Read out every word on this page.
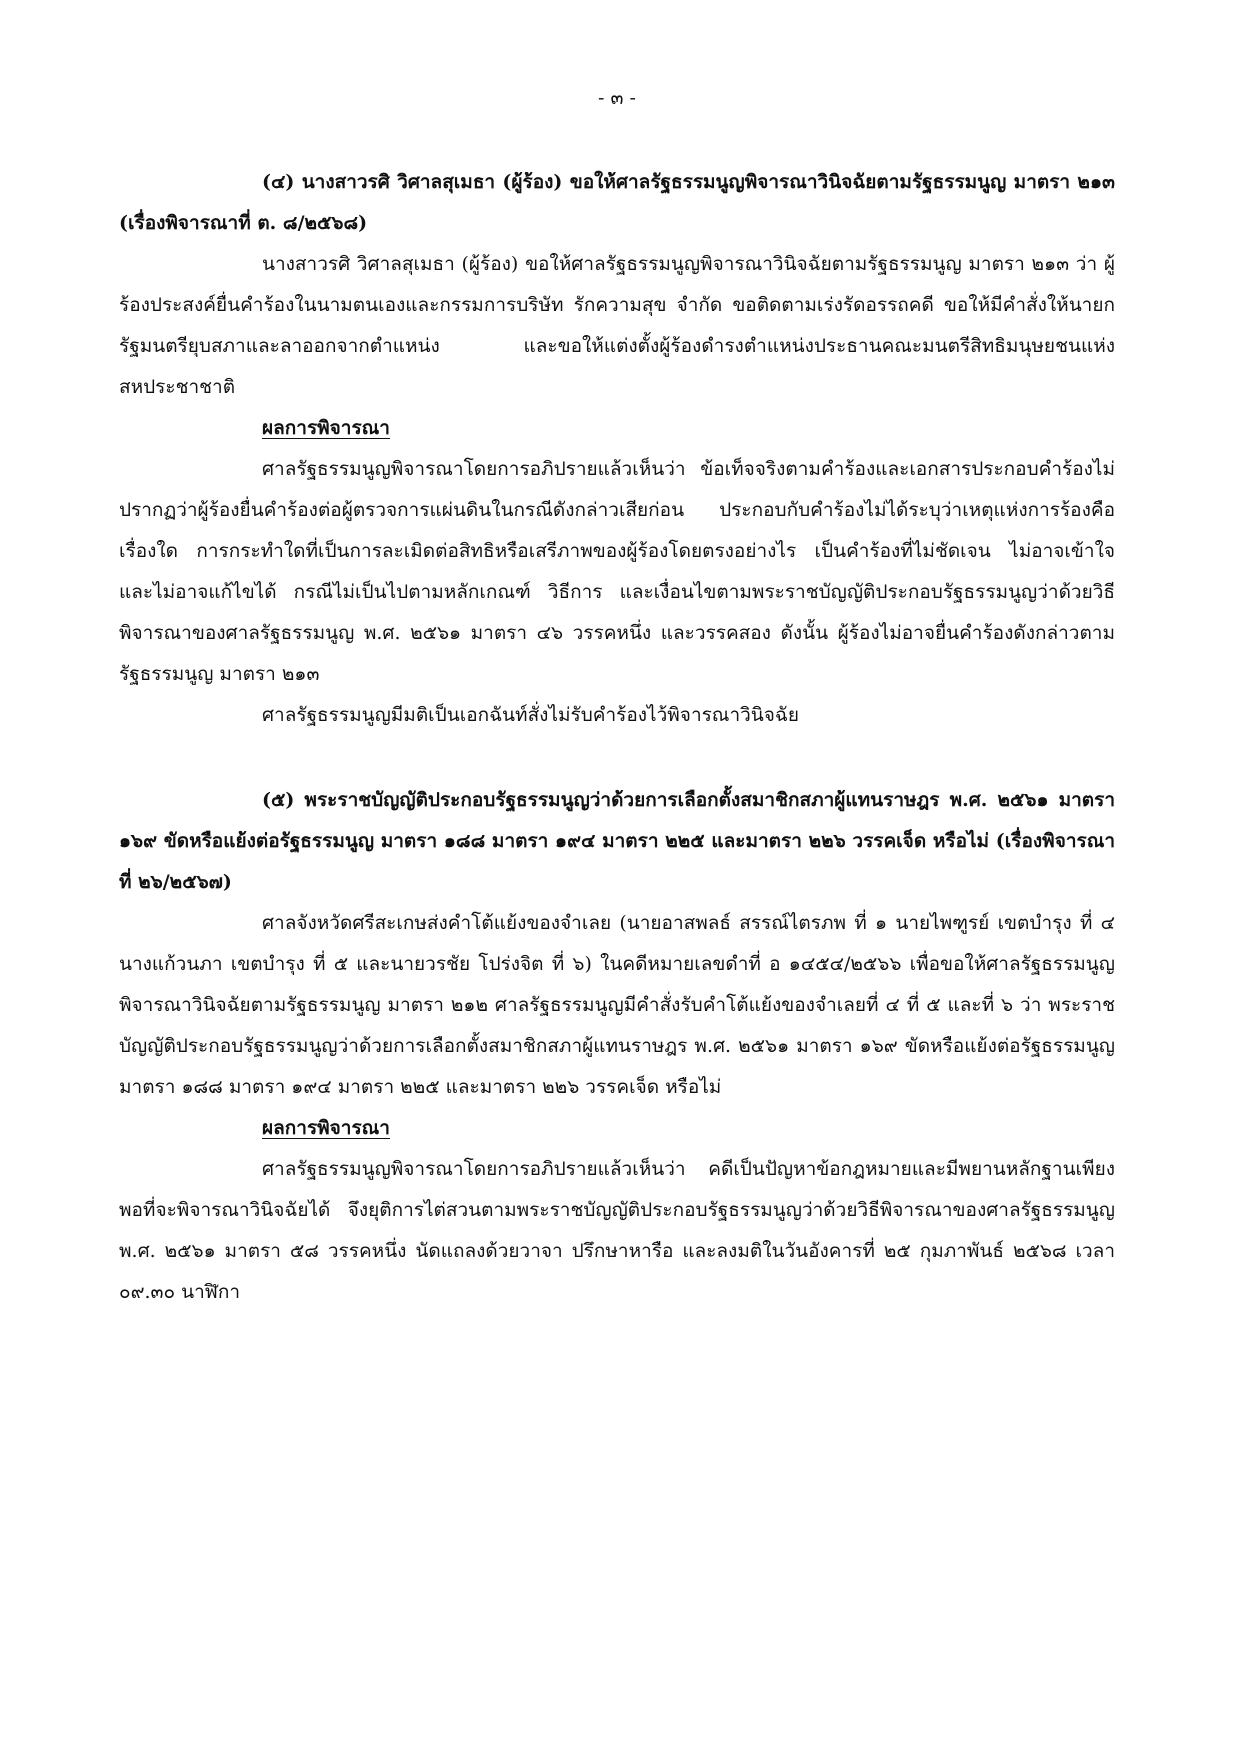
- ๓ -

(๔) นางสาวรศิ วิศาลสุเมธา (ผู้ร้อง) ขอให้ศาลรัฐธรรมนูญพิจารณาวินิจฉัยตามรัฐธรรมนูญ มาตรา ๒๑๓ (เรื่องพิจารณาที่ ต. ๘/๒๕๖๘)

นางสาวรศิ วิศาลสุเมธา (ผู้ร้อง) ขอให้ศาลรัฐธรรมนูญพิจารณาวินิจฉัยตามรัฐธรรมนูญ มาตรา ๒๑๓ ว่า ผู้ร้องประสงค์ยื่นคำร้องในนามตนเองและกรรมการบริษัท รักความสุข จำกัด ขอติดตามเร่งรัดอรรถคดี ขอให้มีคำสั่งให้นายกรัฐมนตรียุบสภาและลาออกจากตำแหน่ง และขอให้แต่งตั้งผู้ร้องดำรงตำแหน่งประธานคณะมนตรีสิทธิมนุษยชนแห่งสหประชาชาติ

ผลการพิจารณา

ศาลรัฐธรรมนูญพิจารณาโดยการอภิปรายแล้วเห็นว่า ข้อเท็จจริงตามคำร้องและเอกสารประกอบคำร้องไม่ปรากฏว่าผู้ร้องยื่นคำร้องต่อผู้ตรวจการแผ่นดินในกรณีดังกล่าวเสียก่อน ประกอบกับคำร้องไม่ได้ระบุว่าเหตุแห่งการร้องคือเรื่องใด การกระทำใดที่เป็นการละเมิดต่อสิทธิหรือเสรีภาพของผู้ร้องโดยตรงอย่างไร เป็นคำร้องที่ไม่ชัดเจน ไม่อาจเข้าใจ และไม่อาจแก้ไขได้ กรณีไม่เป็นไปตามหลักเกณฑ์ วิธีการ และเงื่อนไขตามพระราชบัญญัติประกอบรัฐธรรมนูญว่าด้วยวิธีพิจารณาของศาลรัฐธรรมนูญ พ.ศ. ๒๕๖๑ มาตรา ๔๖ วรรคหนึ่ง และวรรคสอง ดังนั้น ผู้ร้องไม่อาจยื่นคำร้องดังกล่าวตามรัฐธรรมนูญ มาตรา ๒๑๓

ศาลรัฐธรรมนูญมีมติเป็นเอกฉันท์สั่งไม่รับคำร้องไว้พิจารณาวินิจฉัย

(๕) พระราชบัญญัติประกอบรัฐธรรมนูญว่าด้วยการเลือกตั้งสมาชิกสภาผู้แทนราษฎร พ.ศ. ๒๕๖๑ มาตรา ๑๖๙ ขัดหรือแย้งต่อรัฐธรรมนูญ มาตรา ๑๘๘ มาตรา ๑๙๔ มาตรา ๒๒๕ และมาตรา ๒๒๖ วรรคเจ็ด หรือไม่ (เรื่องพิจารณาที่ ๒๖/๒๕๖๗)

ศาลจังหวัดศรีสะเกษส่งคำโต้แย้งของจำเลย (นายอาสพลธ์ สรรณ์ไตรภพ ที่ ๑ นายไพฑูรย์ เขตบำรุง ที่ ๔ นางแก้วนภา เขตบำรุง ที่ ๕ และนายวรชัย โปร่งจิต ที่ ๖) ในคดีหมายเลขดำที่ อ ๑๔๕๔/๒๕๖๖ เพื่อขอให้ศาลรัฐธรรมนูญพิจารณาวินิจฉัยตามรัฐธรรมนูญ มาตรา ๒๑๒ ศาลรัฐธรรมนูญมีคำสั่งรับคำโต้แย้งของจำเลยที่ ๔ ที่ ๕ และที่ ๖ ว่า พระราชบัญญัติประกอบรัฐธรรมนูญว่าด้วยการเลือกตั้งสมาชิกสภาผู้แทนราษฎร พ.ศ. ๒๕๖๑ มาตรา ๑๖๙ ขัดหรือแย้งต่อรัฐธรรมนูญ มาตรา ๑๘๘ มาตรา ๑๙๔ มาตรา ๒๒๕ และมาตรา ๒๒๖ วรรคเจ็ด หรือไม่

ผลการพิจารณา

ศาลรัฐธรรมนูญพิจารณาโดยการอภิปรายแล้วเห็นว่า คดีเป็นปัญหาข้อกฎหมายและมีพยานหลักฐานเพียงพอที่จะพิจารณาวินิจฉัยได้ จึงยุติการไต่สวนตามพระราชบัญญัติประกอบรัฐธรรมนูญว่าด้วยวิธีพิจารณาของศาลรัฐธรรมนูญ พ.ศ. ๒๕๖๑ มาตรา ๕๘ วรรคหนึ่ง นัดแถลงด้วยวาจา ปรึกษาหารือ และลงมติในวันอังคารที่ ๒๕ กุมภาพันธ์ ๒๕๖๘ เวลา ๐๙.๓๐ นาฬิกา
